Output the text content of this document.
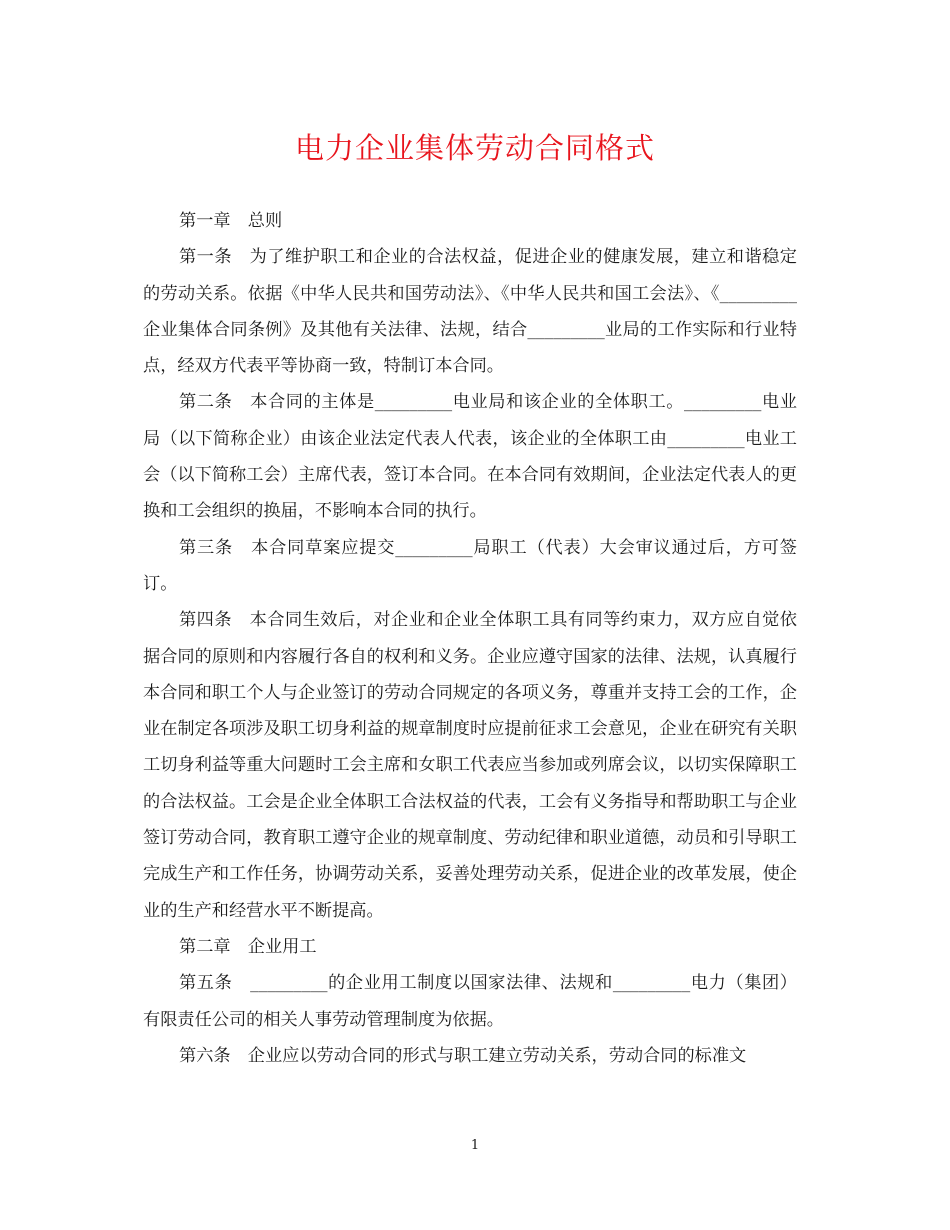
电力企业集体劳动合同格式

第一章　总则

第一条　为了维护职工和企业的合法权益，促进企业的健康发展，建立和谐稳定的劳动关系。依据《中华人民共和国劳动法》、《中华人民共和国工会法》、《_________企业集体合同条例》及其他有关法律、法规，结合_________业局的工作实际和行业特点，经双方代表平等协商一致，特制订本合同。

第二条　本合同的主体是_________电业局和该企业的全体职工。_________电业局（以下简称企业）由该企业法定代表人代表，该企业的全体职工由_________电业工会（以下简称工会）主席代表，签订本合同。在本合同有效期间，企业法定代表人的更换和工会组织的换届，不影响本合同的执行。

第三条　本合同草案应提交_________局职工（代表）大会审议通过后，方可签订。

第四条　本合同生效后，对企业和企业全体职工具有同等约束力，双方应自觉依据合同的原则和内容履行各自的权利和义务。企业应遵守国家的法律、法规，认真履行本合同和职工个人与企业签订的劳动合同规定的各项义务，尊重并支持工会的工作，企业在制定各项涉及职工切身利益的规章制度时应提前征求工会意见，企业在研究有关职工切身利益等重大问题时工会主席和女职工代表应当参加或列席会议，以切实保障职工的合法权益。工会是企业全体职工合法权益的代表，工会有义务指导和帮助职工与企业签订劳动合同，教育职工遵守企业的规章制度、劳动纪律和职业道德，动员和引导职工完成生产和工作任务，协调劳动关系，妥善处理劳动关系，促进企业的改革发展，使企业的生产和经营水平不断提高。

第二章　企业用工

第五条　_________的企业用工制度以国家法律、法规和_________电力（集团）有限责任公司的相关人事劳动管理制度为依据。

第六条　企业应以劳动合同的形式与职工建立劳动关系，劳动合同的标准文

1
